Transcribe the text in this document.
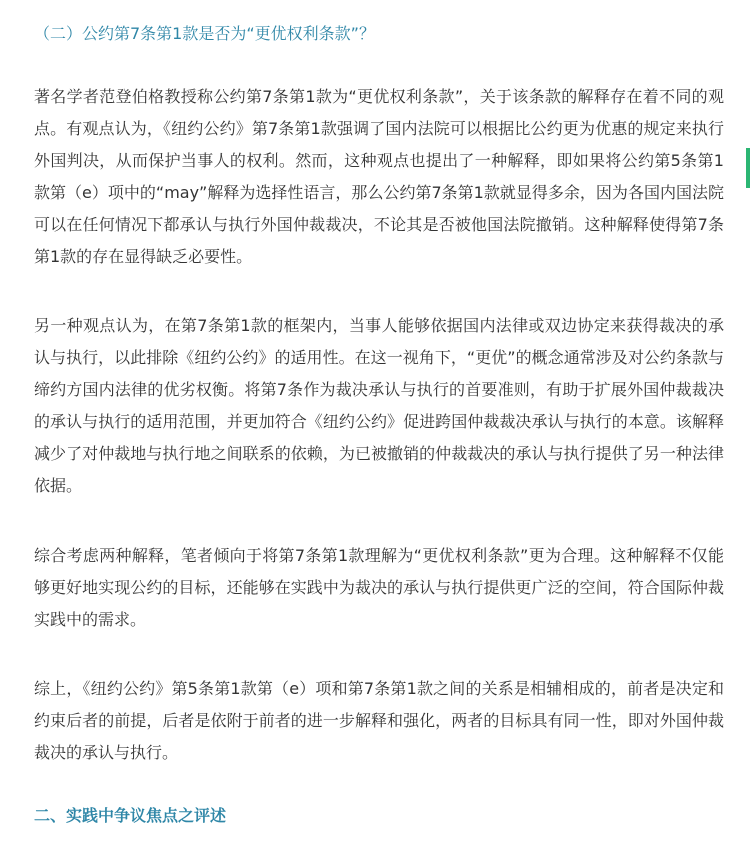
（二）公约第7条第1款是否为“更优权利条款”？

著名学者范登伯格教授称公约第7条第1款为“更优权利条款”，关于该条款的解释存在着不同的观点。有观点认为，《纽约公约》第7条第1款强调了国内法院可以根据比公约更为优惠的规定来执行外国判决，从而保护当事人的权利。然而，这种观点也提出了一种解释，即如果将公约第5条第1款第（e）项中的“may”解释为选择性语言，那么公约第7条第1款就显得多余，因为各国内国法院可以在任何情况下都承认与执行外国仲裁裁决，不论其是否被他国法院撤销。这种解释使得第7条第1款的存在显得缺乏必要性。

另一种观点认为，在第7条第1款的框架内，当事人能够依据国内法律或双边协定来获得裁决的承认与执行，以此排除《纽约公约》的适用性。在这一视角下，“更优”的概念通常涉及对公约条款与缔约方国内法律的优劣权衡。将第7条作为裁决承认与执行的首要准则，有助于扩展外国仲裁裁决的承认与执行的适用范围，并更加符合《纽约公约》促进跨国仲裁裁决承认与执行的本意。该解释减少了对仲裁地与执行地之间联系的依赖，为已被撤销的仲裁裁决的承认与执行提供了另一种法律依据。

综合考虑两种解释，笔者倾向于将第7条第1款理解为“更优权利条款”更为合理。这种解释不仅能够更好地实现公约的目标，还能够在实践中为裁决的承认与执行提供更广泛的空间，符合国际仲裁实践中的需求。

综上，《纽约公约》第5条第1款第（e）项和第7条第1款之间的关系是相辅相成的，前者是决定和约束后者的前提，后者是依附于前者的进一步解释和强化，两者的目标具有同一性，即对外国仲裁裁决的承认与执行。

二、实践中争议焦点之评述
